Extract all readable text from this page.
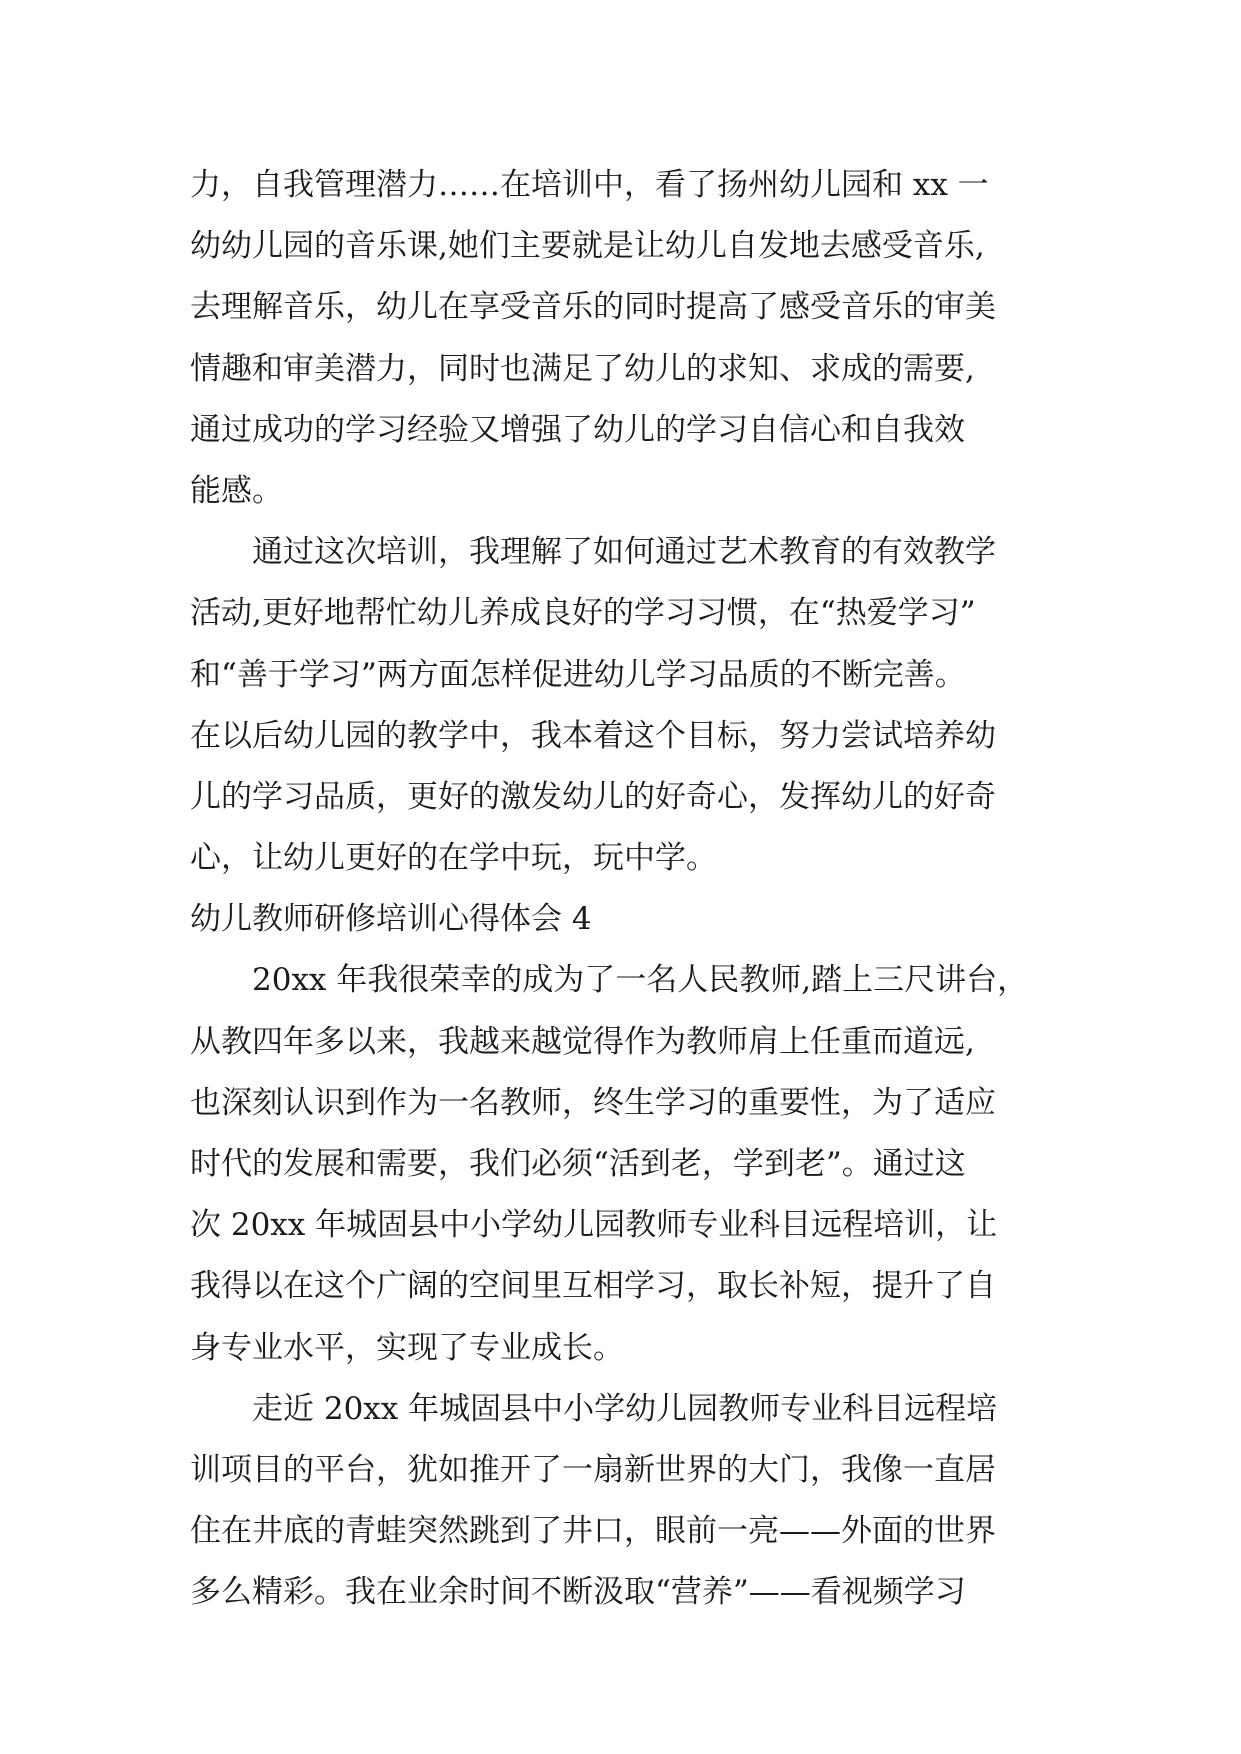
力，自我管理潜力……在培训中，看了扬州幼儿园和 xx 一
幼幼儿园的音乐课,她们主要就是让幼儿自发地去感受音乐,
去理解音乐，幼儿在享受音乐的同时提高了感受音乐的审美
情趣和审美潜力，同时也满足了幼儿的求知、求成的需要,
通过成功的学习经验又增强了幼儿的学习自信心和自我效
能感。
通过这次培训，我理解了如何通过艺术教育的有效教学
活动,更好地帮忙幼儿养成良好的学习习惯，在“热爱学习”
和“善于学习”两方面怎样促进幼儿学习品质的不断完善。
在以后幼儿园的教学中，我本着这个目标，努力尝试培养幼
儿的学习品质，更好的激发幼儿的好奇心，发挥幼儿的好奇
心，让幼儿更好的在学中玩，玩中学。
幼儿教师研修培训心得体会 4
20xx 年我很荣幸的成为了一名人民教师,踏上三尺讲台，
从教四年多以来，我越来越觉得作为教师肩上任重而道远,
也深刻认识到作为一名教师，终生学习的重要性，为了适应
时代的发展和需要，我们必须“活到老，学到老”。通过这
次 20xx 年城固县中小学幼儿园教师专业科目远程培训，让
我得以在这个广阔的空间里互相学习，取长补短，提升了自
身专业水平，实现了专业成长。
走近 20xx 年城固县中小学幼儿园教师专业科目远程培
训项目的平台，犹如推开了一扇新世界的大门，我像一直居
住在井底的青蛙突然跳到了井口，眼前一亮——外面的世界
多么精彩。我在业余时间不断汲取“营养”——看视频学习
